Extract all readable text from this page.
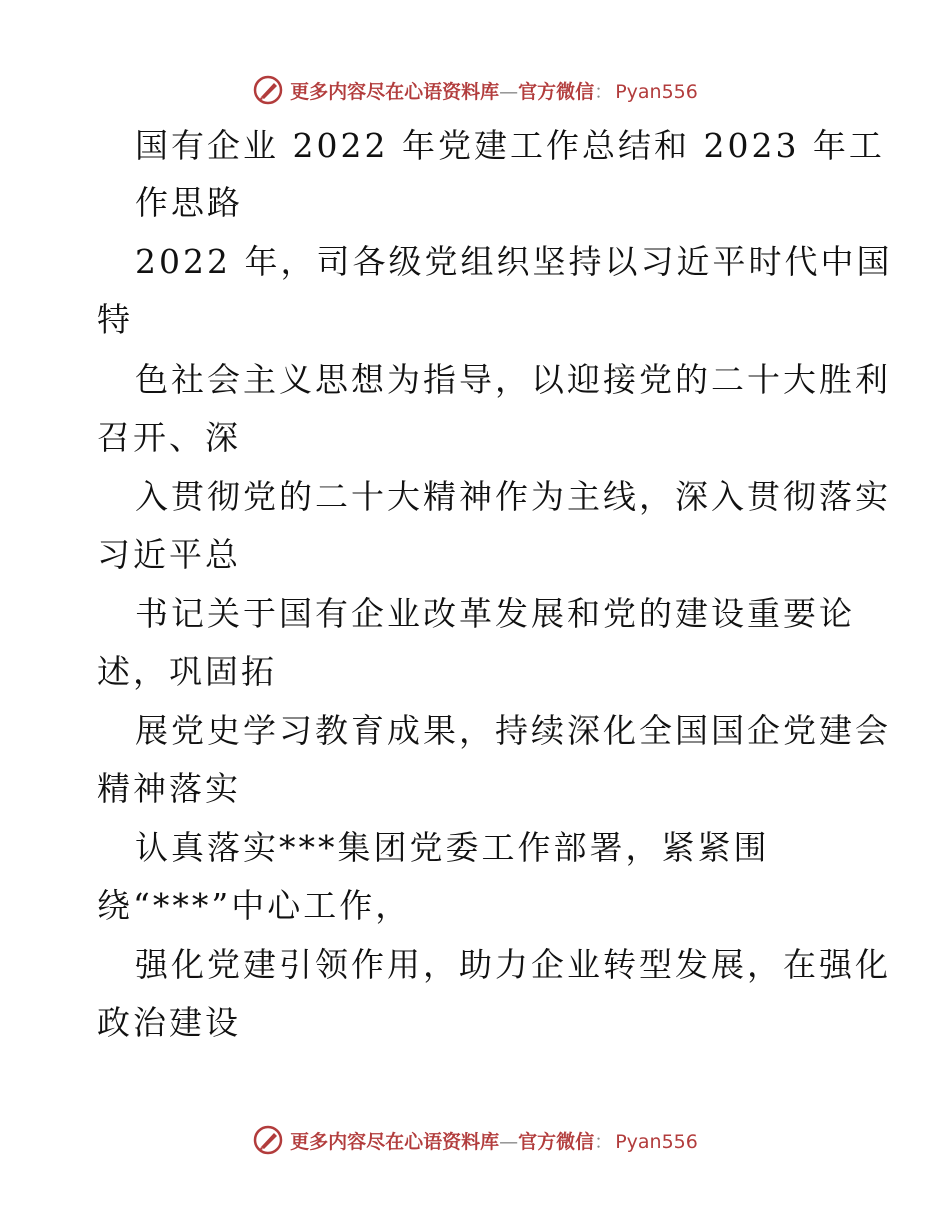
更多内容尽在心语资料库—官方微信： Pyan556
国有企业 2022 年党建工作总结和 2023 年工
作思路
2022 年，司各级党组织坚持以习近平时代中国
特
色社会主义思想为指导，以迎接党的二十大胜利
召开、深
入贯彻党的二十大精神作为主线，深入贯彻落实
习近平总
书记关于国有企业改革发展和党的建设重要论
述，巩固拓
展党史学习教育成果，持续深化全国国企党建会
精神落实
认真落实***集团党委工作部署，紧紧围
绕“***”中心工作，
强化党建引领作用，助力企业转型发展，在强化
政治建设
更多内容尽在心语资料库—官方微信： Pyan556
